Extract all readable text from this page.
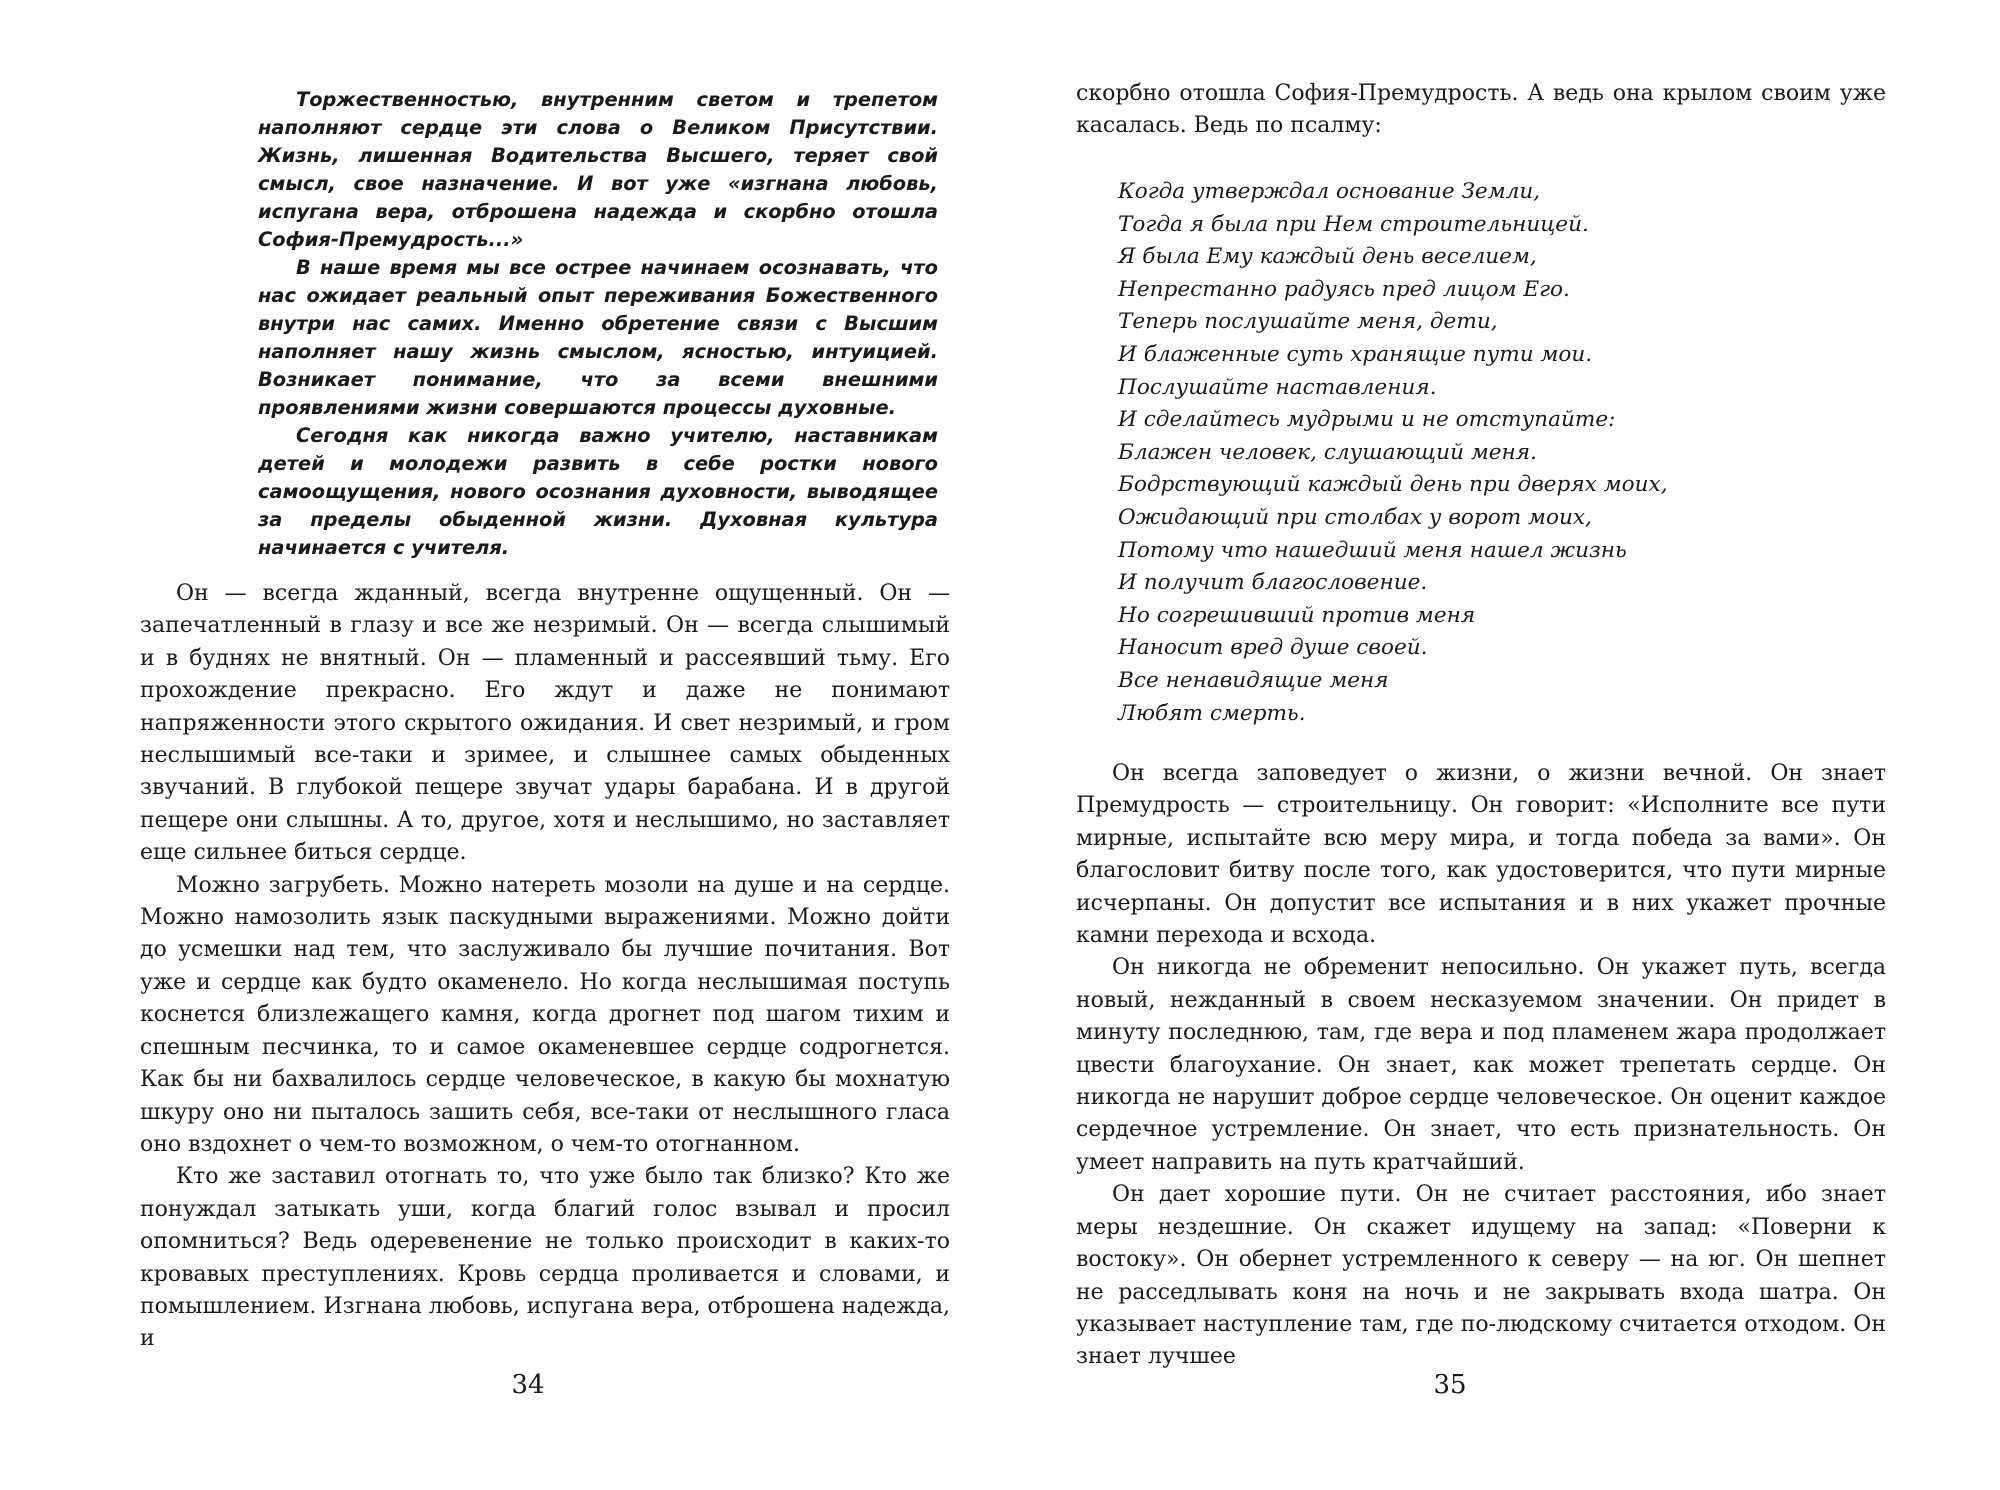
Торжественностью, внутренним светом и трепетом наполняют сердце эти слова о Великом Присутствии. Жизнь, лишенная Водительства Высшего, теряет свой смысл, свое назначение. И вот уже «изгнана любовь, испугана вера, отброшена надежда и скорбно отошла София-Премудрость...»

В наше время мы все острее начинаем осознавать, что нас ожидает реальный опыт переживания Божественного внутри нас самих. Именно обретение связи с Высшим наполняет нашу жизнь смыслом, ясностью, интуицией. Возникает понимание, что за всеми внешними проявлениями жизни совершаются процессы духовные.

Сегодня как никогда важно учителю, наставникам детей и молодежи развить в себе ростки нового самоощущения, нового осознания духовности, выводящее за пределы обыденной жизни. Духовная культура начинается с учителя.

Он — всегда жданный, всегда внутренне ощущенный. Он — запечатленный в глазу и все же незримый. Он — всегда слышимый и в буднях не внятный. Он — пламенный и рассеявший тьму. Его прохождение прекрасно. Его ждут и даже не понимают напряженности этого скрытого ожидания. И свет незримый, и гром неслышимый все-таки и зримее, и слышнее самых обыденных звучаний. В глубокой пещере звучат удары барабана. И в другой пещере они слышны. А то, другое, хотя и неслышимо, но заставляет еще сильнее биться сердце.

Можно загрубеть. Можно натереть мозоли на душе и на сердце. Можно намозолить язык паскудными выражениями. Можно дойти до усмешки над тем, что заслуживало бы лучшие почитания. Вот уже и сердце как будто окаменело. Но когда неслышимая поступь коснется близлежащего камня, когда дрогнет под шагом тихим и спешным песчинка, то и самое окаменевшее сердце содрогнется. Как бы ни бахвалилось сердце человеческое, в какую бы мохнатую шкуру оно ни пыталось зашить себя, все-таки от неслышного гласа оно вздохнет о чем-то возможном, о чем-то отогнанном.

Кто же заставил отогнать то, что уже было так близко? Кто же понуждал затыкать уши, когда благий голос взывал и просил опомниться? Ведь одеревенение не только происходит в каких-то кровавых преступлениях. Кровь сердца проливается и словами, и помышлением. Изгнана любовь, испугана вера, отброшена надежда, и

34

скорбно отошла София-Премудрость. А ведь она крылом своим уже касалась. Ведь по псалму:

Когда утверждал основание Земли,
Тогда я была при Нем строительницей.
Я была Ему каждый день веселием,
Непрестанно радуясь пред лицом Его.
Теперь послушайте меня, дети,
И блаженные суть хранящие пути мои.
Послушайте наставления.
И сделайтесь мудрыми и не отступайте:
Блажен человек, слушающий меня.
Бодрствующий каждый день при дверях моих,
Ожидающий при столбах у ворот моих,
Потому что нашедший меня нашел жизнь
И получит благословение.
Но согрешивший против меня
Наносит вред душе своей.
Все ненавидящие меня
Любят смерть.

Он всегда заповедует о жизни, о жизни вечной. Он знает Премудрость — строительницу. Он говорит: «Исполните все пути мирные, испытайте всю меру мира, и тогда победа за вами». Он благословит битву после того, как удостоверится, что пути мирные исчерпаны. Он допустит все испытания и в них укажет прочные камни перехода и всхода.

Он никогда не обременит непосильно. Он укажет путь, всегда новый, нежданный в своем несказуемом значении. Он придет в минуту последнюю, там, где вера и под пламенем жара продолжает цвести благоухание. Он знает, как может трепетать сердце. Он никогда не нарушит доброе сердце человеческое. Он оценит каждое сердечное устремление. Он знает, что есть признательность. Он умеет направить на путь кратчайший.

Он дает хорошие пути. Он не считает расстояния, ибо знает меры нездешние. Он скажет идущему на запад: «Поверни к востоку». Он обернет устремленного к северу — на юг. Он шепнет не расседлывать коня на ночь и не закрывать входа шатра. Он указывает наступление там, где по-людскому считается отходом. Он знает лучшее

35
